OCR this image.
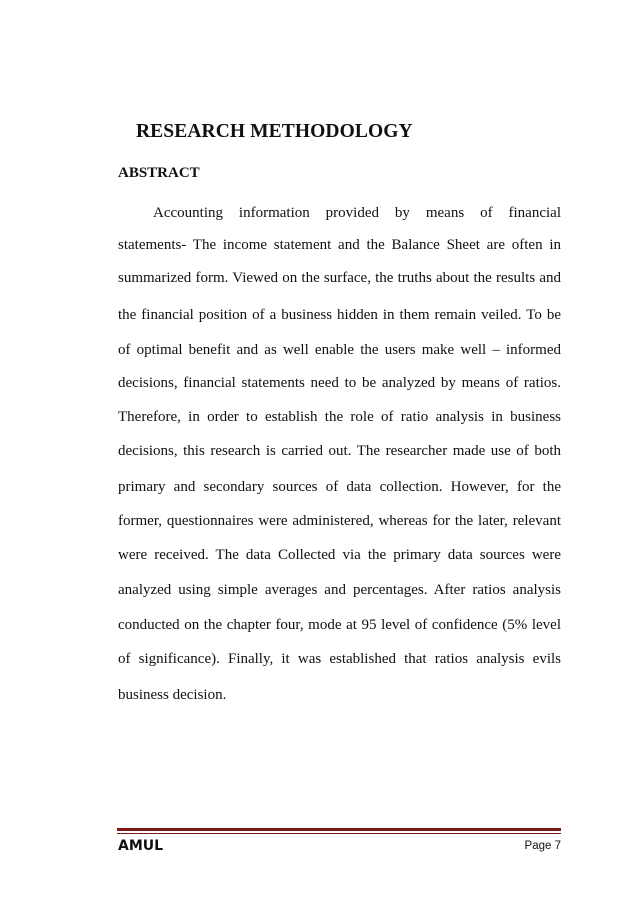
RESEARCH METHODOLOGY
ABSTRACT
Accounting information provided by means of financial
statements- The income statement and the Balance Sheet are often in
summarized form. Viewed on the surface, the truths about the results and
the financial position of a business hidden in them remain veiled. To be
of optimal benefit and as well enable the users make well – informed
decisions, financial statements need to be analyzed by means of ratios.
Therefore, in order to establish the role of ratio analysis in business
decisions, this research is carried out. The researcher made use of both
primary and secondary sources of data collection. However, for the
former, questionnaires were administered, whereas for the later, relevant
were received. The data Collected via the primary data sources were
analyzed using simple averages and percentages. After ratios analysis
conducted on the chapter four, mode at 95 level of confidence (5% level
of significance). Finally, it was established that ratios analysis evils
business decision.
AMUL	Page 7
